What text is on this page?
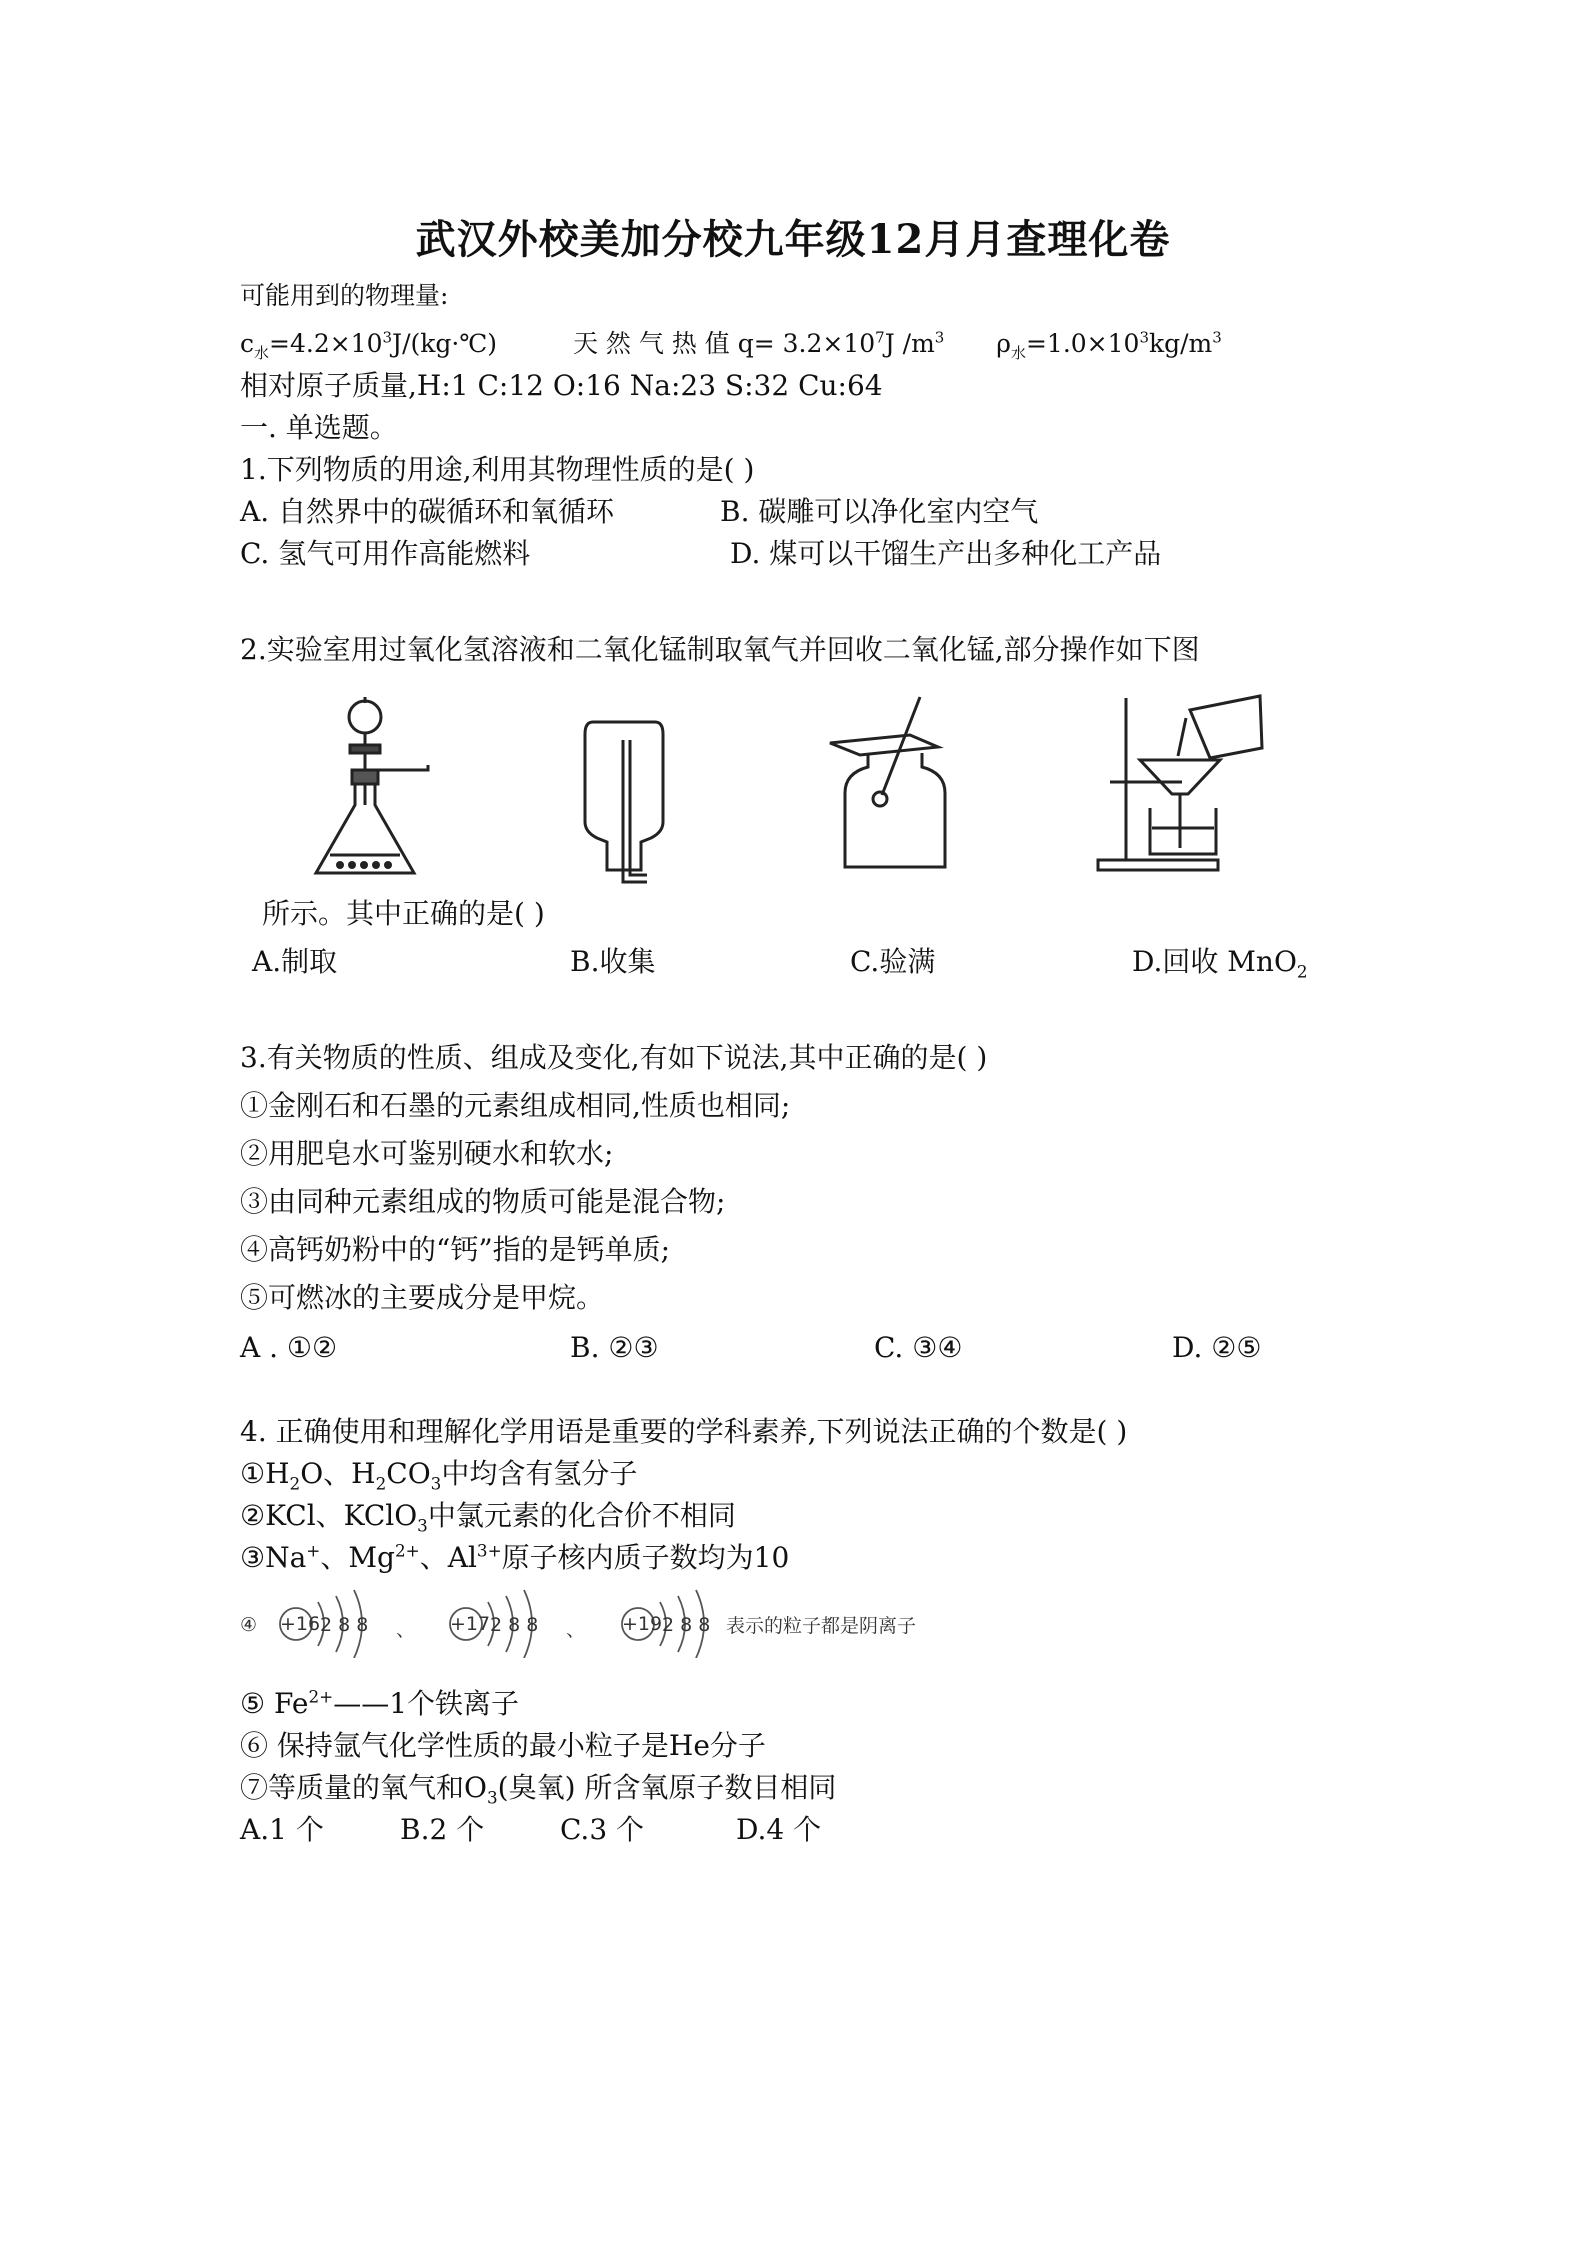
武汉外校美加分校九年级12月月查理化卷
可能用到的物理量:
$c_水=4.2\times 10^3J/(kg\cdot℃)$	天 然 气 热 值 $q= 3.2\times 10^7J$ $/m^3$ $\rho_水=1.0\times 10^3kg/m^3$
相对原子质量,H:1 C:12 O:16 Na:23 S:32 Cu:64
一. 单选题。
1.下列物质的用途,利用其物理性质的是( )
A. 自然界中的碳循环和氧循环	B. 碳雕可以净化室内空气
C. 氢气可用作高能燃料	D. 煤可以干馏生产出多种化工产品
2.实验室用过氧化氢溶液和二氧化锰制取氧气并回收二氧化锰,部分操作如下图
所示。其中正确的是( )
A.制取	B.收集	C.验满	D.回收 MnO$_2$
3.有关物质的性质、组成及变化,有如下说法,其中正确的是( )
①金刚石和石墨的元素组成相同,性质也相同;
②用肥皂水可鉴别硬水和软水;
③由同种元素组成的物质可能是混合物;
④高钙奶粉中的“钙”指的是钙单质;
⑤可燃冰的主要成分是甲烷。
A . ①②	B. ②③	C. ③④	D. ②⑤
4. 正确使用和理解化学用语是重要的学科素养,下列说法正确的个数是( )
$①H_2O$、$H_2CO_3$中均含有氢分子
②KCl、KClO$_3$中氯元素的化合价不相同
③Na+、$Mg^{2+}$、$Al^{3+}$原子核内质子数均为10
④ +16 2 8 8 、 +17 2 8 8 、 +19 2 8 8 表示的粒子都是阴离子
⑤ $Fe^{2+}——1$个铁离子
⑥ 保持氩气化学性质的最小粒子是He分子
⑦等质量的氧气和$O_3$(臭氧) 所含氧原子数目相同
A.1 个	B.2 个	C.3 个	D.4 个
